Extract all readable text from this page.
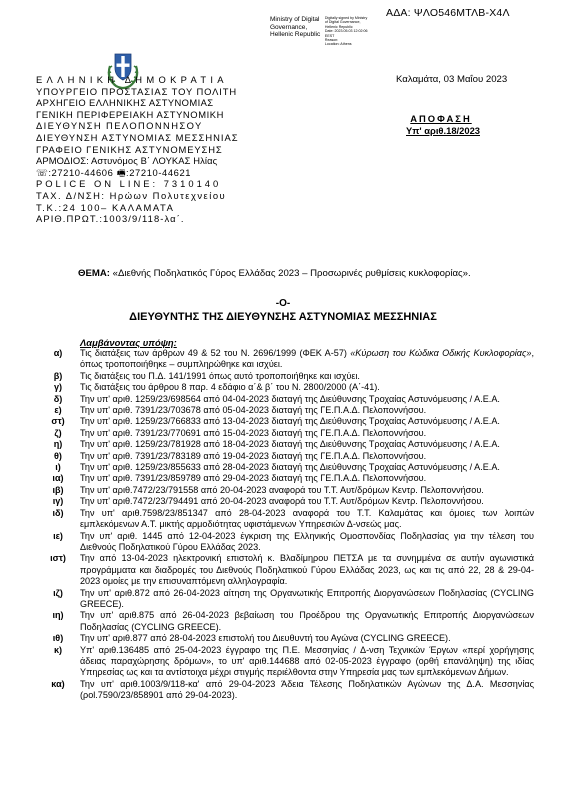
ΑΔΑ: ΨΛΟ546ΜΤΛΒ-Χ4Λ
Ministry of Digital
Governance,
Hellenic Republic
Digitally signed by Ministry
of Digital Governance,
Hellenic Republic
Date: 2023.05.03 12:02:06
EEST
Reason:
Location: Athens
ΕΛΛΗΝΙΚΗ ΔΗΜΟΚΡΑΤΙΑ
ΥΠΟΥΡΓΕΙΟ ΠΡΟΣΤΑΣΙΑΣ ΤΟΥ ΠΟΛΙΤΗ
ΑΡΧΗΓΕΙΟ ΕΛΛΗΝΙΚΗΣ ΑΣΤΥΝΟΜΙΑΣ
ΓΕΝΙΚΗ ΠΕΡΙΦΕΡΕΙΑΚΗ ΑΣΤΥΝΟΜΙΚΗ
ΔΙΕΥΘΥΝΣΗ ΠΕΛΟΠΟΝΝΗΣΟΥ
ΔΙΕΥΘΥΝΣΗ ΑΣΤΥΝΟΜΙΑΣ ΜΕΣΣΗΝΙΑΣ
ΓΡΑΦΕΙΟ ΓΕΝΙΚΗΣ ΑΣΤΥΝΟΜΕΥΣΗΣ
ΑΡΜΟΔΙΟΣ: Αστυνόμος Β΄ ΛΟΥΚΑΣ Ηλίας
☏:27210-44606 🖷:27210-44621
POLICE ON LINE: 7310140
ΤΑΧ. Δ/ΝΣΗ: Ηρώων Πολυτεχνείου
Τ.Κ.:24 100– ΚΑΛΑΜΑΤΑ
ΑΡΙΘ.ΠΡΩΤ.:1003/9/118-λα΄.
Καλαμάτα, 03 Μαΐου 2023
ΑΠΟΦΑΣΗ
Υπ' αριθ.18/2023
ΘΕΜΑ: «Διεθνής Ποδηλατικός Γύρος Ελλάδας 2023 – Προσωρινές ρυθμίσεις κυκλοφορίας».
-Ο-
ΔΙΕΥΘΥΝΤΗΣ ΤΗΣ ΔΙΕΥΘΥΝΣΗΣ ΑΣΤΥΝΟΜΙΑΣ ΜΕΣΣΗΝΙΑΣ
Λαμβάνοντας υπόψη:
α)	Τις διατάξεις των άρθρων 49 & 52 του Ν. 2696/1999 (ΦΕΚ Α-57) «Κύρωση του Κώδικα Οδικής Κυκλοφορίας», όπως τροποποιήθηκε – συμπληρώθηκε και ισχύει.
β)	Τις διατάξεις του Π.Δ. 141/1991 όπως αυτό τροποποιήθηκε και ισχύει.
γ)	Τις διατάξεις του άρθρου 8 παρ. 4 εδάφιο α΄& β΄ του Ν. 2800/2000 (Α΄-41).
δ)	Την υπ' αριθ. 1259/23/698564 από 04-04-2023 διαταγή της Διεύθυνσης Τροχαίας Αστυνόμευσης / Α.Ε.Α.
ε)	Την υπ' αριθ. 7391/23/703678 από 05-04-2023 διαταγή της ΓΕ.Π.Α.Δ. Πελοποννήσου.
στ)	Την υπ' αριθ. 1259/23/766833 από 13-04-2023 διαταγή της Διεύθυνσης Τροχαίας Αστυνόμευσης / Α.Ε.Α.
ζ)	Την υπ' αριθ. 7391/23/770691 από 15-04-2023 διαταγή της ΓΕ.Π.Α.Δ. Πελοποννήσου.
η)	Την υπ' αριθ. 1259/23/781928 από 18-04-2023 διαταγή της Διεύθυνσης Τροχαίας Αστυνόμευσης / Α.Ε.Α.
θ)	Την υπ' αριθ. 7391/23/783189 από 19-04-2023 διαταγή της ΓΕ.Π.Α.Δ. Πελοποννήσου.
ι)	Την υπ' αριθ. 1259/23/855633 από 28-04-2023 διαταγή της Διεύθυνσης Τροχαίας Αστυνόμευσης / Α.Ε.Α.
ια)	Την υπ' αριθ. 7391/23/859789 από 29-04-2023 διαταγή της ΓΕ.Π.Α.Δ. Πελοποννήσου.
ιβ)	Την υπ' αριθ.7472/23/791558 από 20-04-2023 αναφορά του Τ.Τ. Αυτ/δρόμων Κεντρ. Πελοποννήσου.
ιγ)	Την υπ' αριθ.7472/23/794491 από 20-04-2023 αναφορά του Τ.Τ. Αυτ/δρόμων Κεντρ. Πελοποννήσου.
ιδ)	Την υπ' αριθ.7598/23/851347 από 28-04-2023 αναφορά του Τ.Τ. Καλαμάτας και όμοιες των λοιπών εμπλεκόμενων Α.Τ. μικτής αρμοδιότητας υφιστάμενων Υπηρεσιών Δ-νσεώς μας.
ιε)	Την υπ' αριθ. 1445 από 12-04-2023 έγκριση της Ελληνικής Ομοσπονδίας Ποδηλασίας για την τέλεση του Διεθνούς Ποδηλατικού Γύρου Ελλάδας 2023.
ιστ)	Την από 13-04-2023 ηλεκτρονική επιστολή κ. Βλαδίμηρου ΠΕΤΣΑ με τα συνημμένα σε αυτήν αγωνιστικά προγράμματα και διαδρομές του Διεθνούς Ποδηλατικού Γύρου Ελλάδας 2023, ως και τις από 22, 28 & 29-04-2023 ομοίες με την επισυναπτόμενη αλληλογραφία.
ιζ)	Την υπ' αριθ.872 από 26-04-2023 αίτηση της Οργανωτικής Επιτροπής Διοργανώσεων Ποδηλασίας (CYCLING GREECE).
ιη)	Την υπ' αριθ.875 από 26-04-2023 βεβαίωση του Προέδρου της Οργανωτικής Επιτροπής Διοργανώσεων Ποδηλασίας (CYCLING GREECE).
ιθ)	Την υπ' αριθ.877 από 28-04-2023 επιστολή του Διευθυντή του Αγώνα (CYCLING GREECE).
κ)	Υπ' αριθ.136485 από 25-04-2023 έγγραφο της Π.Ε. Μεσσηνίας / Δ-νση Τεχνικών Έργων «περί χορήγησης άδειας παραχώρησης δρόμων», το υπ' αριθ.144688 από 02-05-2023 έγγραφο (ορθή επανάληψη) της ιδίας Υπηρεσίας ως και τα αντίστοιχα μέχρι στιγμής περιέλθοντα στην Υπηρεσία μας των εμπλεκόμενων Δήμων.
κα)	Την υπ' αριθ.1003/9/118-κα' από 29-04-2023 Άδεια Τέλεσης Ποδηλατικών Αγώνων της Δ.Α. Μεσσηνίας (ρol.7590/23/858901 από 29-04-2023).
